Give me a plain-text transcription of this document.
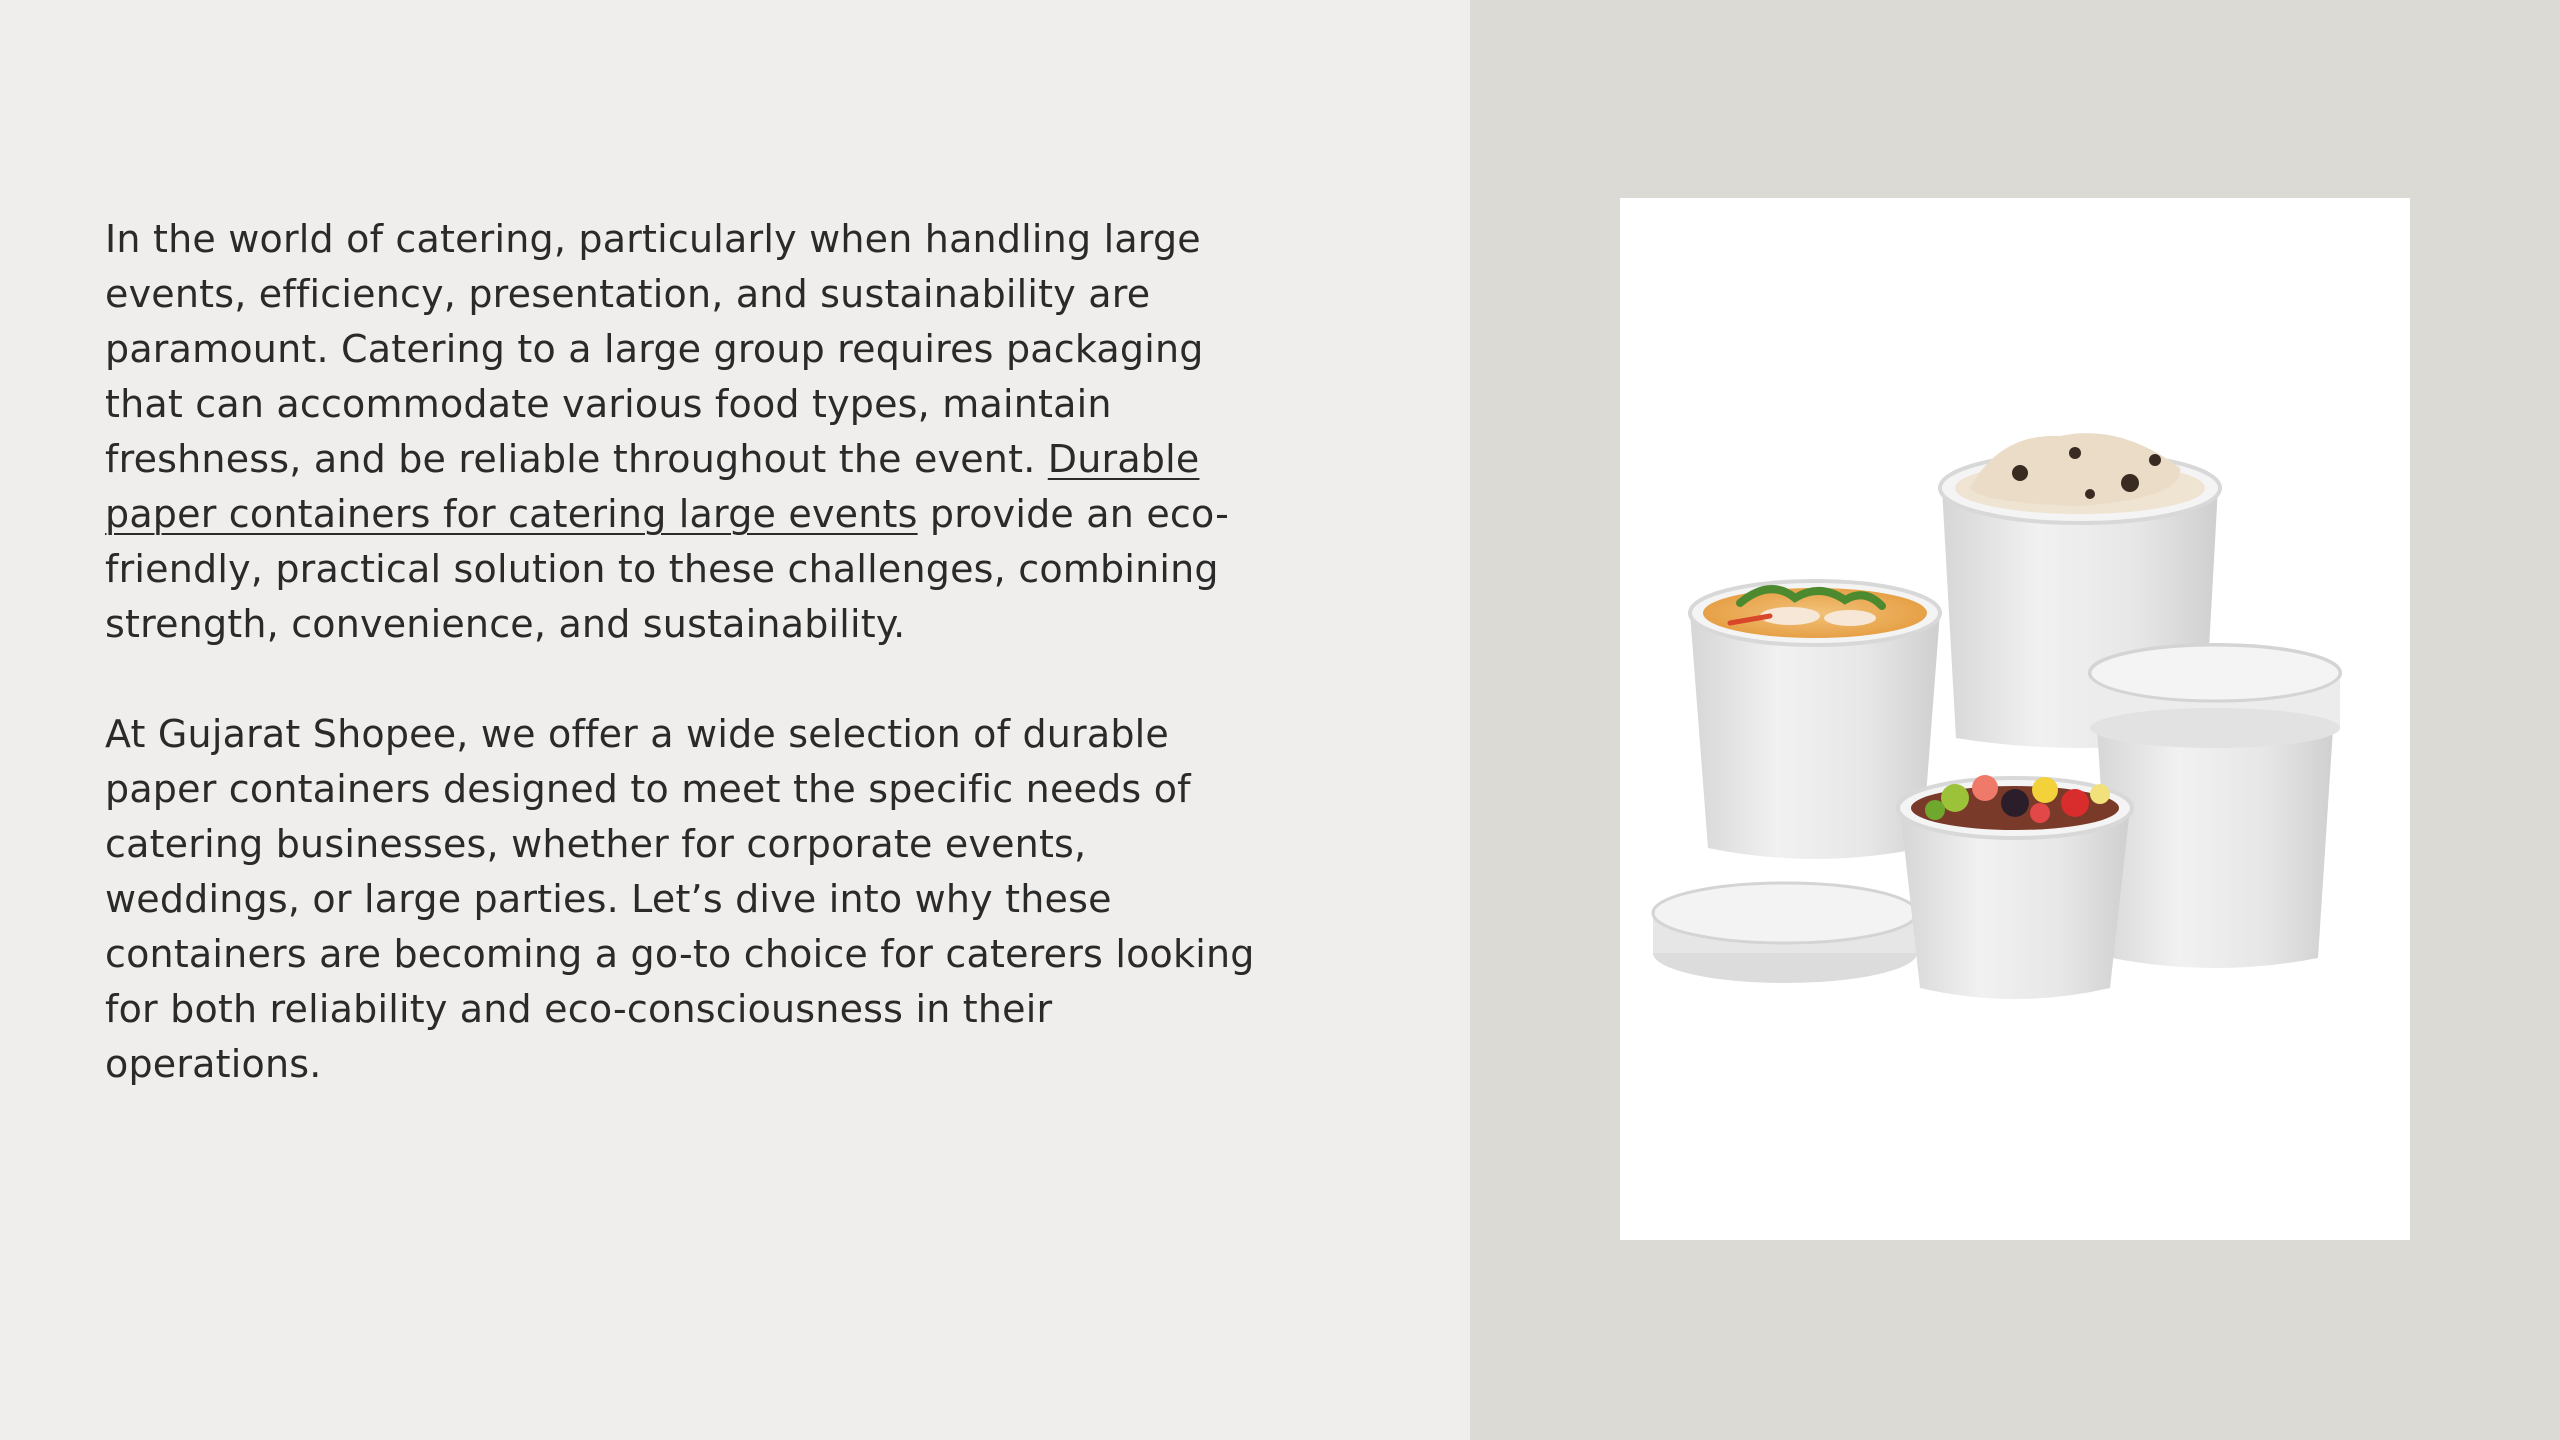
In the world of catering, particularly when handling large events, efficiency, presentation, and sustainability are paramount. Catering to a large group requires packaging that can accommodate various food types, maintain freshness, and be reliable throughout the event. Durable paper containers for catering large events provide an eco-friendly, practical solution to these challenges, combining strength, convenience, and sustainability.

At Gujarat Shopee, we offer a wide selection of durable paper containers designed to meet the specific needs of catering businesses, whether for corporate events, weddings, or large parties. Let’s dive into why these containers are becoming a go-to choice for caterers looking for both reliability and eco-consciousness in their operations.
